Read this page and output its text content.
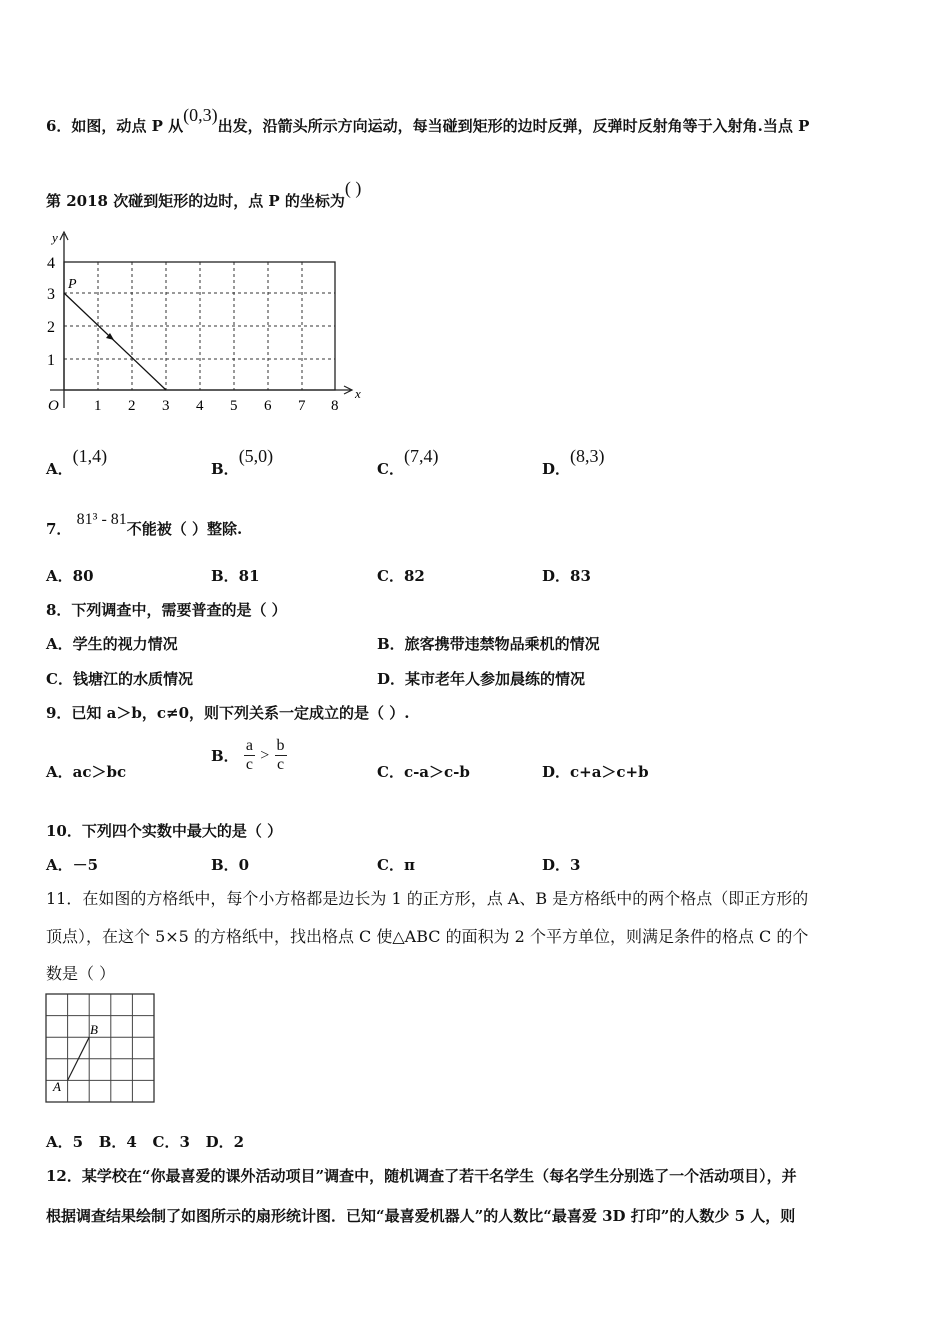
6．如图，动点 P 从(0,3)出发，沿箭头所示方向运动，每当碰到矩形的边时反弹，反弹时反射角等于入射角.当点 P
第 2018 次碰到矩形的边时，点 P 的坐标为( )
P
y
x
O 1 2 3 4 5 6 7 8
1
2
3
4
A．(1,4)
B．(5,0)
C．(7,4)
D．(8,3)
7． 81³ - 81不能被（ ）整除.
A．80	B．81	C．82	D．83
8．下列调查中，需要普查的是（ ）
A．学生的视力情况	B．旅客携带违禁物品乘机的情况
C．钱塘江的水质情况	D．某市老年人参加晨练的情况
9．已知 a＞b，c≠0，则下列关系一定成立的是（ ）.
A．ac＞bc
B． $\frac{a}{c} > \frac{b}{c}$	C．c-a＞c-b	D．c+a＞c+b
10．下列四个实数中最大的是（ ）
A．－5	B．0	C．π	D．3
11．在如图的方格纸中，每个小方格都是边长为 1 的正方形，点 A、B 是方格纸中的两个格点（即正方形的
顶点），在这个 5×5 的方格纸中，找出格点 C 使△ABC 的面积为 2 个平方单位，则满足条件的格点 C 的个
数是（ ）
A
B
A．5   B．4   C．3   D．2
12．某学校在“你最喜爱的课外活动项目”调查中，随机调查了若干名学生（每名学生分别选了一个活动项目），并
根据调查结果绘制了如图所示的扇形统计图．已知“最喜爱机器人”的人数比“最喜爱 3D 打印”的人数少 5 人，则
